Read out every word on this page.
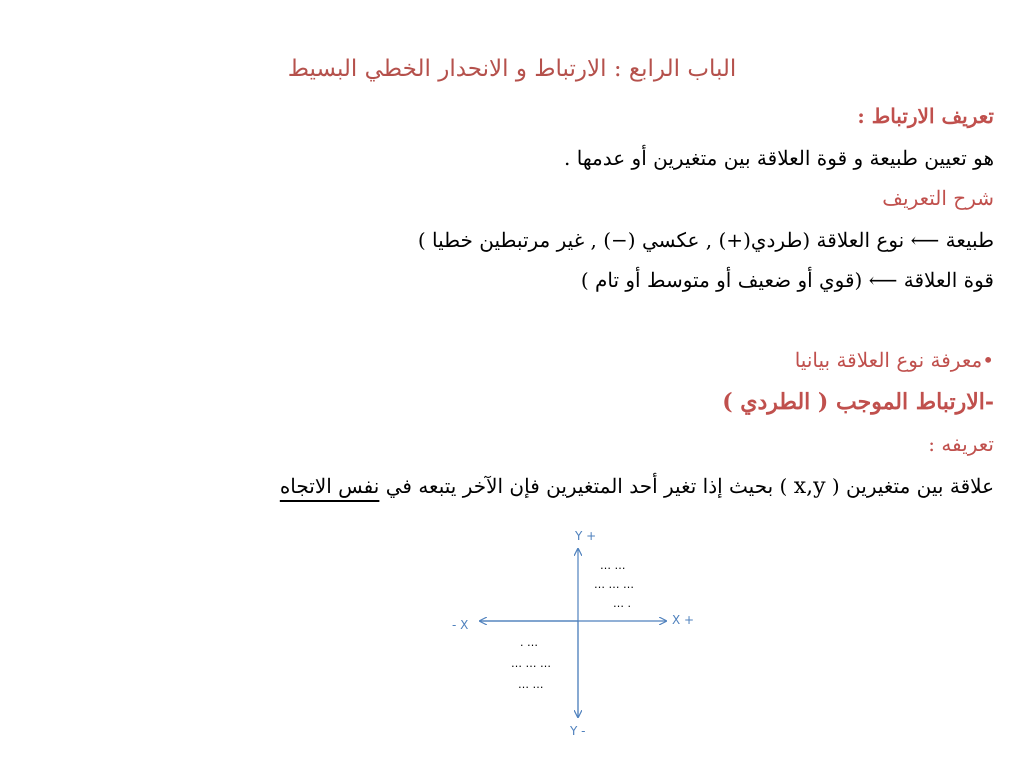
الباب الرابع : الارتباط و الانحدار الخطي البسيط
تعريف الارتباط :
هو تعيين طبيعة و قوة العلاقة بين متغيرين أو عدمها .
شرح التعريف
طبيعة ⟵ نوع العلاقة (طردي(+) , عكسي (−) , غير مرتبطين خطيا )
قوة العلاقة ⟵ (قوي أو ضعيف أو متوسط أو تام )
•معرفة نوع العلاقة بيانيا
-الارتباط الموجب ( الطردي )
تعريفه :
علاقة بين متغيرين ( x,y ) بحيث إذا تغير أحد المتغيرين فإن الآخر يتبعه في نفس الاتجاه
Y +
Y -
X +
- X
… …
… … …
… .
. …
… … …
… …
